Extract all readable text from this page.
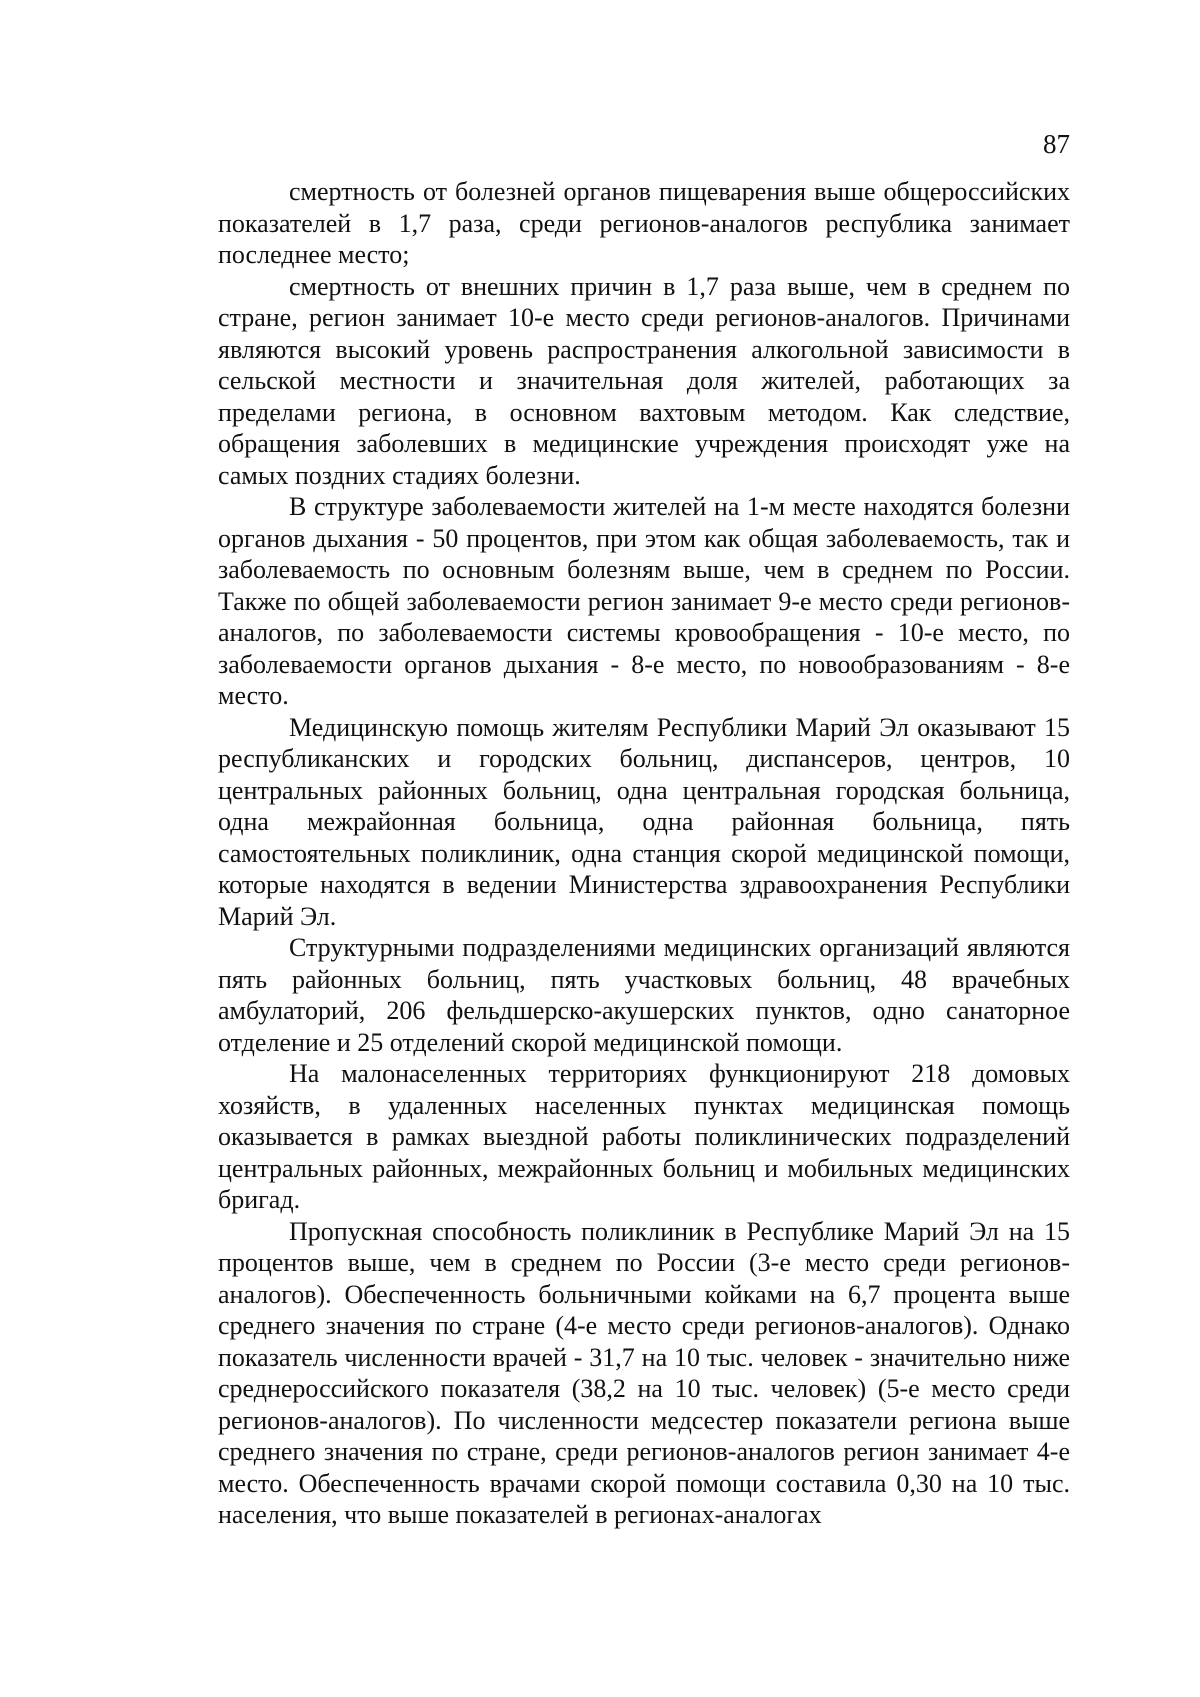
87

смертность от болезней органов пищеварения выше общероссийских показателей в 1,7 раза, среди регионов-аналогов республика занимает последнее место;

смертность от внешних причин в 1,7 раза выше, чем в среднем по стране, регион занимает 10-е место среди регионов-аналогов. Причинами являются высокий уровень распространения алкогольной зависимости в сельской местности и значительная доля жителей, работающих за пределами региона, в основном вахтовым методом. Как следствие, обращения заболевших в медицинские учреждения происходят уже на самых поздних стадиях болезни.

В структуре заболеваемости жителей на 1-м месте находятся болезни органов дыхания - 50 процентов, при этом как общая заболеваемость, так и заболеваемость по основным болезням выше, чем в среднем по России. Также по общей заболеваемости регион занимает 9-е место среди регионов-аналогов, по заболеваемости системы кровообращения - 10-е место, по заболеваемости органов дыхания - 8-е место, по новообразованиям - 8-е место.

Медицинскую помощь жителям Республики Марий Эл оказывают 15 республиканских и городских больниц, диспансеров, центров, 10 центральных районных больниц, одна центральная городская больница, одна межрайонная больница, одна районная больница, пять самостоятельных поликлиник, одна станция скорой медицинской помощи, которые находятся в ведении Министерства здравоохранения Республики Марий Эл.

Структурными подразделениями медицинских организаций являются пять районных больниц, пять участковых больниц, 48 врачебных амбулаторий, 206 фельдшерско-акушерских пунктов, одно санаторное отделение и 25 отделений скорой медицинской помощи.

На малонаселенных территориях функционируют 218 домовых хозяйств, в удаленных населенных пунктах медицинская помощь оказывается в рамках выездной работы поликлинических подразделений центральных районных, межрайонных больниц и мобильных медицинских бригад.

Пропускная способность поликлиник в Республике Марий Эл на 15 процентов выше, чем в среднем по России (3-е место среди регионов-аналогов). Обеспеченность больничными койками на 6,7 процента выше среднего значения по стране (4-е место среди регионов-аналогов). Однако показатель численности врачей - 31,7 на 10 тыс. человек - значительно ниже среднероссийского показателя (38,2 на 10 тыс. человек) (5-е место среди регионов-аналогов). По численности медсестер показатели региона выше среднего значения по стране, среди регионов-аналогов регион занимает 4-е место. Обеспеченность врачами скорой помощи составила 0,30 на 10 тыс. населения, что выше показателей в регионах-аналогах
